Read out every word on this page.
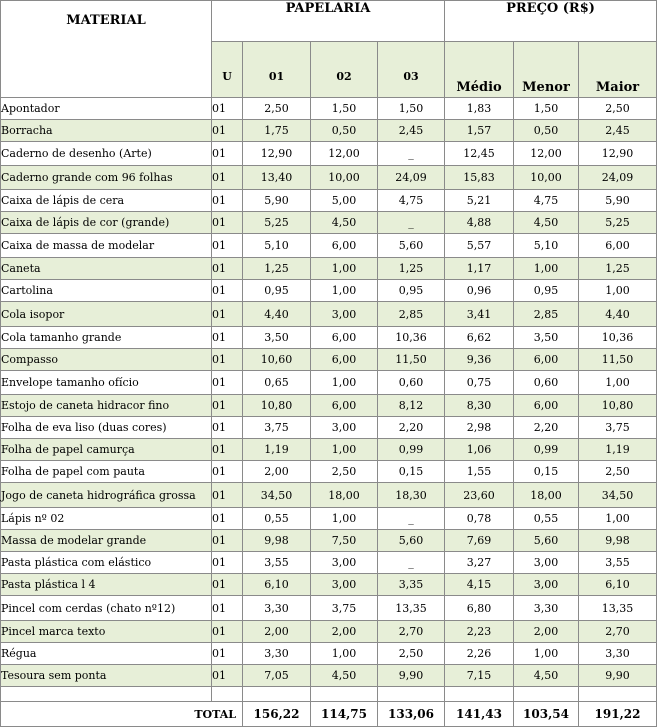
MATERIAL	PAPELARIA				PREÇO (R$)		
	U	01	02	03	Médio	Menor	Maior
Apontador	01	2,50	1,50	1,50	1,83	1,50	2,50
Borracha	01	1,75	0,50	2,45	1,57	0,50	2,45
Caderno de desenho (Arte)	01	12,90	12,00	_	12,45	12,00	12,90
Caderno grande com 96 folhas	01	13,40	10,00	24,09	15,83	10,00	24,09
Caixa de lápis de cera	01	5,90	5,00	4,75	5,21	4,75	5,90
Caixa de lápis de cor (grande)	01	5,25	4,50	_	4,88	4,50	5,25
Caixa de massa de modelar	01	5,10	6,00	5,60	5,57	5,10	6,00
Caneta	01	1,25	1,00	1,25	1,17	1,00	1,25
Cartolina	01	0,95	1,00	0,95	0,96	0,95	1,00
Cola isopor	01	4,40	3,00	2,85	3,41	2,85	4,40
Cola tamanho grande	01	3,50	6,00	10,36	6,62	3,50	10,36
Compasso	01	10,60	6,00	11,50	9,36	6,00	11,50
Envelope tamanho ofício	01	0,65	1,00	0,60	0,75	0,60	1,00
Estojo de caneta hidracor fino	01	10,80	6,00	8,12	8,30	6,00	10,80
Folha de eva liso (duas cores)	01	3,75	3,00	2,20	2,98	2,20	3,75
Folha de papel camurça	01	1,19	1,00	0,99	1,06	0,99	1,19
Folha de papel com pauta	01	2,00	2,50	0,15	1,55	0,15	2,50
Jogo de caneta hidrográfica grossa	01	34,50	18,00	18,30	23,60	18,00	34,50
Lápis nº 02	01	0,55	1,00	_	0,78	0,55	1,00
Massa de modelar grande	01	9,98	7,50	5,60	7,69	5,60	9,98
Pasta plástica com elástico	01	3,55	3,00	_	3,27	3,00	3,55
Pasta plástica l 4	01	6,10	3,00	3,35	4,15	3,00	6,10
Pincel com cerdas (chato nº12)	01	3,30	3,75	13,35	6,80	3,30	13,35
Pincel marca texto	01	2,00	2,00	2,70	2,23	2,00	2,70
Régua	01	3,30	1,00	2,50	2,26	1,00	3,30
Tesoura sem ponta	01	7,05	4,50	9,90	7,15	4,50	9,90

TOTAL		156,22	114,75	133,06	141,43	103,54	191,22
